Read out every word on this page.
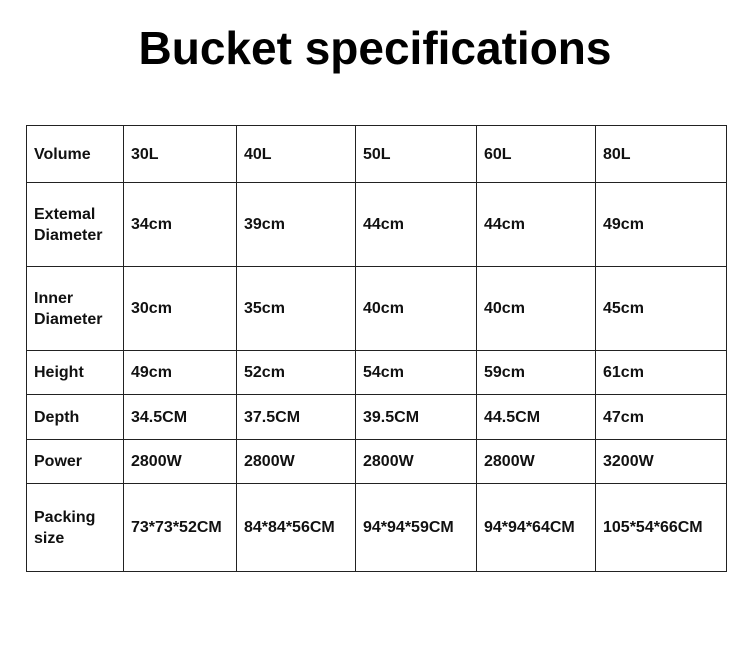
Bucket specifications
Volume	30L	40L	50L	60L	80L
Extemal Diameter	34cm	39cm	44cm	44cm	49cm
Inner Diameter	30cm	35cm	40cm	40cm	45cm
Height	49cm	52cm	54cm	59cm	61cm
Depth	34.5CM	37.5CM	39.5CM	44.5CM	47cm
Power	2800W	2800W	2800W	2800W	3200W
Packing size	73*73*52CM	84*84*56CM	94*94*59CM	94*94*64CM	105*54*66CM
